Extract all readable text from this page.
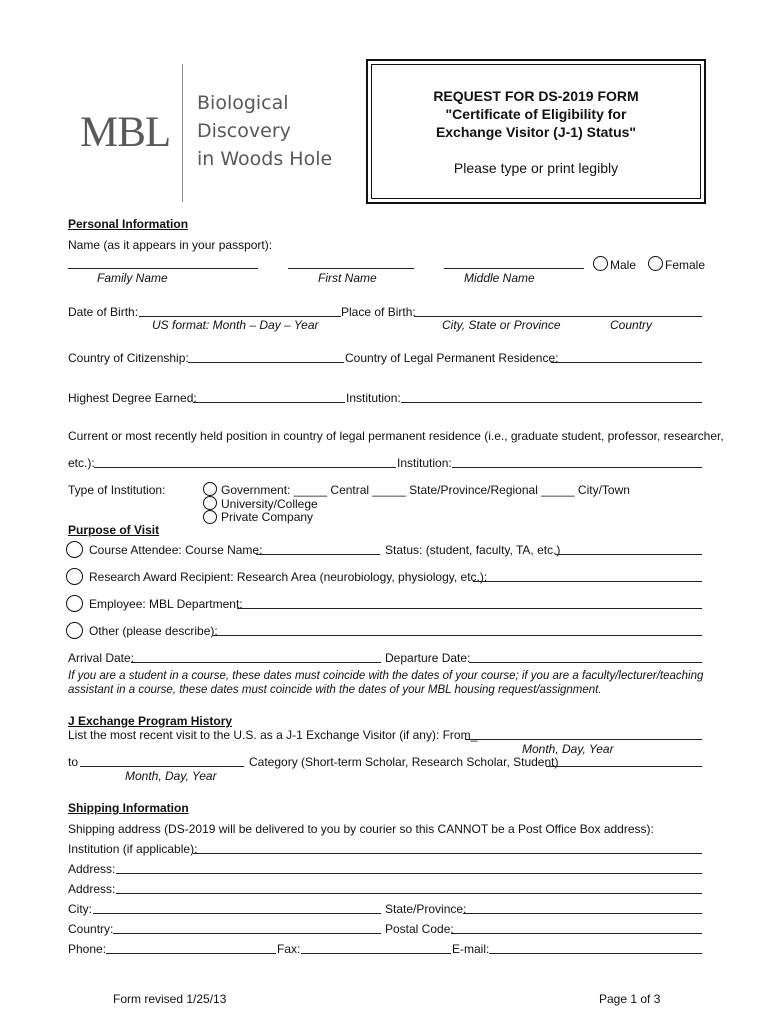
MBL
Biological
Discovery
in Woods Hole
REQUEST FOR DS-2019 FORM
"Certificate of Eligibility for
Exchange Visitor (J-1) Status"
Please type or print legibly
Personal Information
Name (as it appears in your passport):
Family Name	First Name	Middle Name
Male Female
Date of Birth:	Place of Birth:
US format: Month – Day – Year	City, State or Province	Country
Country of Citizenship:	Country of Legal Permanent Residence:
Highest Degree Earned:	Institution:
Current or most recently held position in country of legal permanent residence (i.e., graduate student, professor, researcher,
etc.):	Institution:
Type of Institution:	Government: _____ Central _____ State/Province/Regional _____ City/Town
University/College
Private Company
Purpose of Visit
Course Attendee: Course Name:	Status: (student, faculty, TA, etc.)
Research Award Recipient: Research Area (neurobiology, physiology, etc.):
Employee: MBL Department:
Other (please describe):
Arrival Date:	Departure Date:
If you are a student in a course, these dates must coincide with the dates of your course; if you are a faculty/lecturer/teaching
assistant in a course, these dates must coincide with the dates of your MBL housing request/assignment.
J Exchange Program History
List the most recent visit to the U.S. as a J-1 Exchange Visitor (if any): From_
Month, Day, Year
to	Category (Short-term Scholar, Research Scholar, Student)
Month, Day, Year
Shipping Information
Shipping address (DS-2019 will be delivered to you by courier so this CANNOT be a Post Office Box address):
Institution (if applicable):
Address:
Address:
City:	State/Province:
Country:	Postal Code:
Phone:	Fax:	E-mail:
Form revised 1/25/13	Page 1 of 3
